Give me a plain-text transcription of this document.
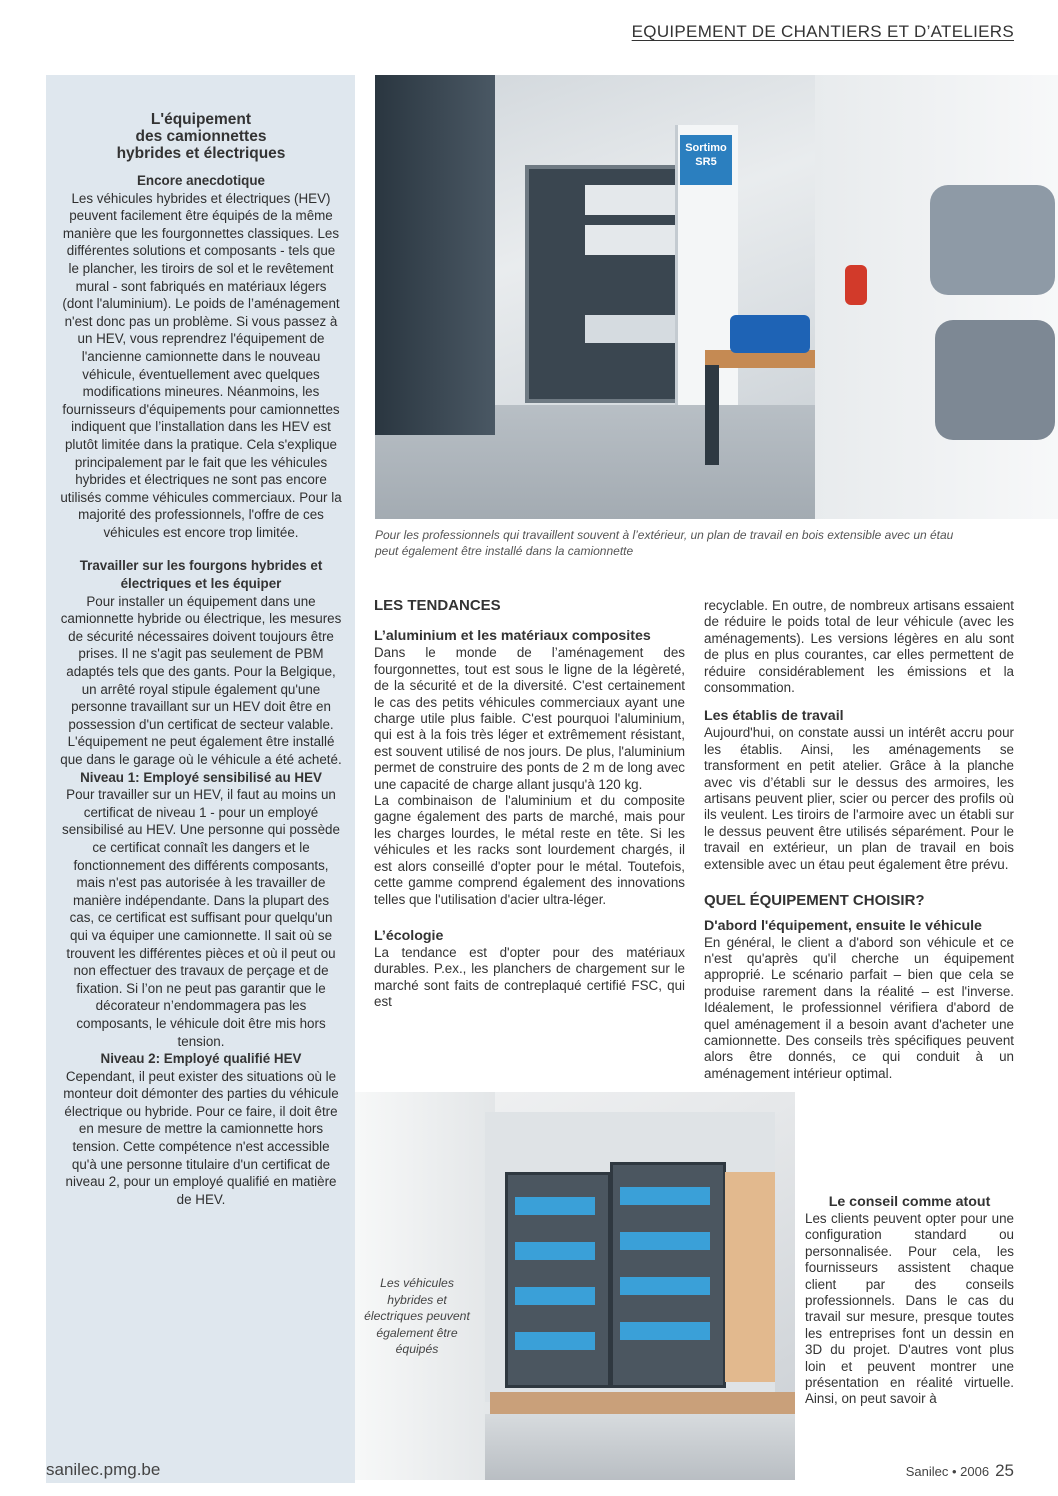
EQUIPEMENT DE CHANTIERS ET D’ATELIERS
L'équipement
des camionnettes
hybrides et électriques
Encore anecdotique

Les véhicules hybrides et électriques (HEV) peuvent facilement être équipés de la même manière que les fourgonnettes classiques. Les différentes solutions et composants - tels que le plancher, les tiroirs de sol et le revêtement mural - sont fabriqués en matériaux légers (dont l'aluminium). Le poids de l’aménagement n'est donc pas un problème. Si vous passez à un HEV, vous reprendrez l'équipement de l'ancienne camionnette dans le nouveau véhicule, éventuellement avec quelques modifications mineures. Néanmoins, les fournisseurs d'équipements pour camionnettes indiquent que l’installation dans les HEV est plutôt limitée dans la pratique. Cela s'explique principalement par le fait que les véhicules hybrides et électriques ne sont pas encore utilisés comme véhicules commerciaux. Pour la majorité des professionnels, l'offre de ces véhicules est encore trop limitée.

Travailler sur les fourgons hybrides et électriques et les équiper

Pour installer un équipement dans une camionnette hybride ou électrique, les mesures de sécurité nécessaires doivent toujours être prises. Il ne s'agit pas seulement de PBM adaptés tels que des gants. Pour la Belgique, un arrêté royal stipule également qu'une personne travaillant sur un HEV doit être en possession d'un certificat de secteur valable. L'équipement ne peut également être installé que dans le garage où le véhicule a été acheté.

Niveau 1: Employé sensibilisé au HEV

Pour travailler sur un HEV, il faut au moins un certificat de niveau 1 - pour un employé sensibilisé au HEV. Une personne qui possède ce certificat connaît les dangers et le fonctionnement des différents composants, mais n'est pas autorisée à les travailler de manière indépendante. Dans la plupart des cas, ce certificat est suffisant pour quelqu'un qui va équiper une camionnette. Il sait où se trouvent les différentes pièces et où il peut ou non effectuer des travaux de perçage et de fixation. Si l’on ne peut pas garantir que le décorateur n’endommagera pas les composants, le véhicule doit être mis hors tension.

Niveau 2: Employé qualifié HEV

Cependant, il peut exister des situations où le monteur doit démonter des parties du véhicule électrique ou hybride. Pour ce faire, il doit être en mesure de mettre la camionnette hors tension. Cette compétence n'est accessible qu'à une personne titulaire d'un certificat de niveau 2, pour un employé qualifié en matière de HEV.

Sortimo
SR5
Pour les professionnels qui travaillent souvent à l’extérieur, un plan de travail en bois extensible avec un étau peut également être installé dans la camionnette
LES TENDANCES
L’aluminium et les matériaux composites

Dans le monde de l’aménagement des fourgonnettes, tout est sous le ligne de la légèreté, de la sécurité et de la diversité. C'est certainement le cas des petits véhicules commerciaux ayant une charge utile plus faible. C'est pourquoi l'aluminium, qui est à la fois très léger et extrêmement résistant, est souvent utilisé de nos jours. De plus, l'aluminium permet de construire des ponts de 2 m de long avec une capacité de charge allant jusqu'à 120 kg.

La combinaison de l'aluminium et du composite gagne également des parts de marché, mais pour les charges lourdes, le métal reste en tête. Si les véhicules et les racks sont lourdement chargés, il est alors conseillé d'opter pour le métal. Toutefois, cette gamme comprend également des innovations telles que l'utilisation d'acier ultra-léger.

L’écologie

La tendance est d'opter pour des matériaux durables. P.ex., les planchers de chargement sur le marché sont faits de contreplaqué certifié FSC, qui est

recyclable. En outre, de nombreux artisans essaient de réduire le poids total de leur véhicule (avec les aménagements). Les versions légères en alu sont de plus en plus courantes, car elles permettent de réduire considérablement les émissions et la consommation.

Les établis de travail

Aujourd'hui, on constate aussi un intérêt accru pour les établis. Ainsi, les aménagements se transforment en petit atelier. Grâce à la planche avec vis d’établi sur le dessus des armoires, les artisans peuvent plier, scier ou percer des profils où ils veulent. Les tiroirs de l'armoire avec un établi sur le dessus peuvent être utilisés séparément. Pour le travail en extérieur, un plan de travail en bois extensible avec un étau peut également être prévu.

QUEL ÉQUIPEMENT CHOISIR?
D'abord l'équipement, ensuite le véhicule

En général, le client a d'abord son véhicule et ce n'est qu'après qu'il cherche un équipement approprié. Le scénario parfait – bien que cela se produise rarement dans la réalité – est l'inverse. Idéalement, le professionnel vérifiera d'abord de quel aménagement il a besoin avant d'acheter une camionnette. Des conseils très spécifiques peuvent alors être donnés, ce qui conduit à un aménagement intérieur optimal.

Le conseil comme atout

Les clients peuvent opter pour une configuration standard ou personnalisée. Pour cela, les fournisseurs assistent chaque client par des conseils professionnels. Dans le cas du travail sur mesure, presque toutes les entreprises font un dessin en 3D du projet. D'autres vont plus loin et peuvent montrer une présentation en réalité virtuelle. Ainsi, on peut savoir à

Les véhicules hybrides et électriques peuvent également être équipés
sanilec.pmg.be	Sanilec • 2006 25
